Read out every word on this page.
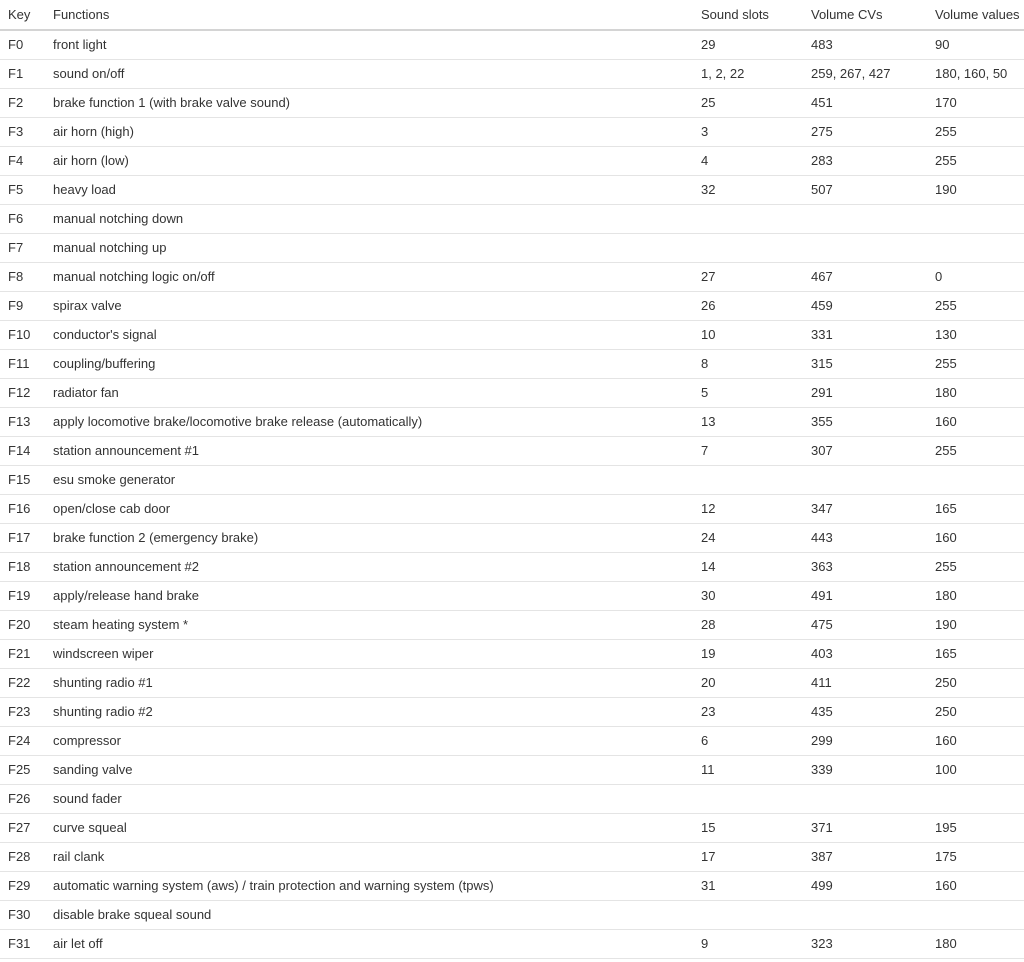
Key	Functions	Sound slots	Volume CVs	Volume values
F0	front light	29	483	90
F1	sound on/off	1, 2, 22	259, 267, 427	180, 160, 50
F2	brake function 1 (with brake valve sound)	25	451	170
F3	air horn (high)	3	275	255
F4	air horn (low)	4	283	255
F5	heavy load	32	507	190
F6	manual notching down			
F7	manual notching up			
F8	manual notching logic on/off	27	467	0
F9	spirax valve	26	459	255
F10	conductor's signal	10	331	130
F11	coupling/buffering	8	315	255
F12	radiator fan	5	291	180
F13	apply locomotive brake/locomotive brake release (automatically)	13	355	160
F14	station announcement #1	7	307	255
F15	esu smoke generator			
F16	open/close cab door	12	347	165
F17	brake function 2 (emergency brake)	24	443	160
F18	station announcement #2	14	363	255
F19	apply/release hand brake	30	491	180
F20	steam heating system *	28	475	190
F21	windscreen wiper	19	403	165
F22	shunting radio #1	20	411	250
F23	shunting radio #2	23	435	250
F24	compressor	6	299	160
F25	sanding valve	11	339	100
F26	sound fader			
F27	curve squeal	15	371	195
F28	rail clank	17	387	175
F29	automatic warning system (aws) / train protection and warning system (tpws)	31	499	160
F30	disable brake squeal sound			
F31	air let off	9	323	180
